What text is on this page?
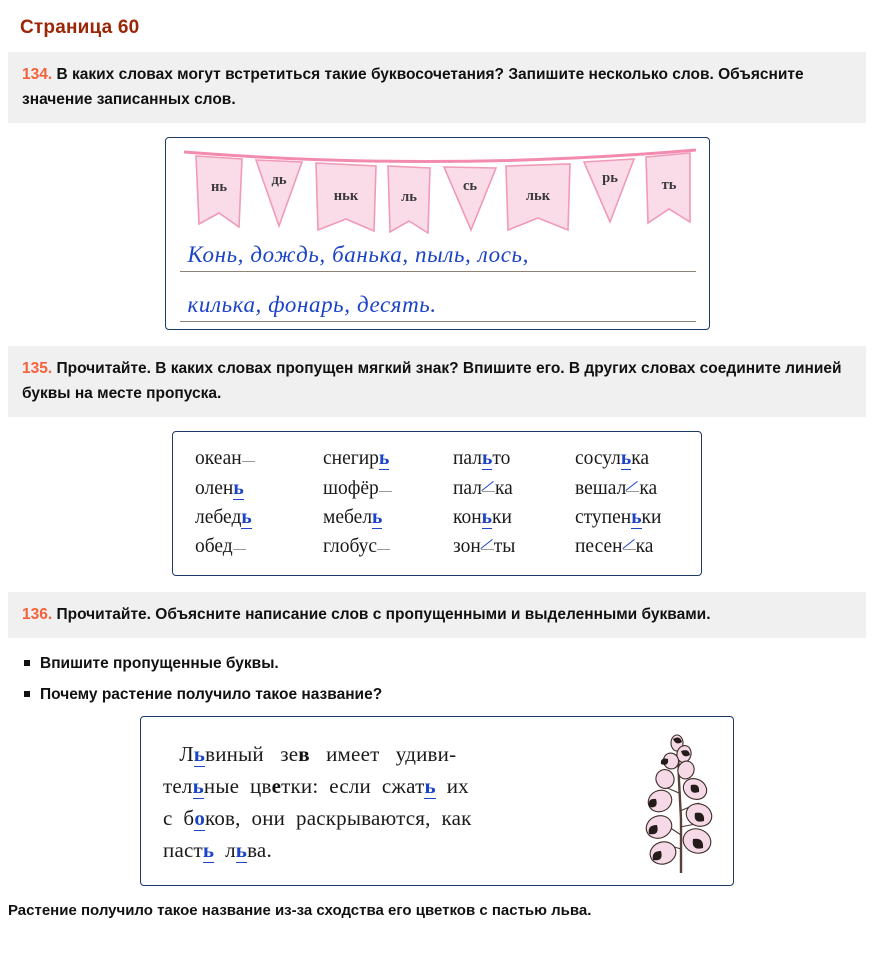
Страница 60
134. В каких словах могут встретиться такие буквосочетания? Запишите несколько слов. Объясните значение записанных слов.
нь	дь
ньк	ль
сь
льк
рь	ть
Конь, дождь, банька, пыль, лось,
килька, фонарь, десять.
135. Прочитайте. В каких словах пропущен мягкий знак? Впишите его. В других словах соедините линией буквы на месте пропуска.
океан	снегирь	пальто	сосулька
олень	шофёр	пал ка	вешал ка
лебедь	мебель	коньки	ступеньки
обед	глобус	зон ты	песен ка
136. Прочитайте. Объясните написание слов с пропущенными и выделенными буквами.
Впишите пропущенные буквы.
Почему растение получило такое название?
Львиный   зев   имеет   удиви-
тельные  цветки:  если  сжать  их
с  боков,  они  раскрываются,  как
пасть  льва.
Растение получило такое название из-за сходства его цветков с пастью льва.
